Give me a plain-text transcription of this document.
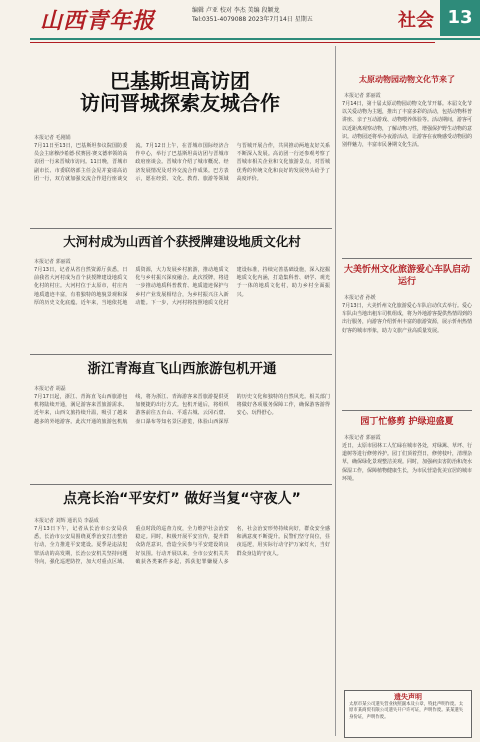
山西青年报	编辑 卢亚 校对 李杰 美编 段颖龙
Tel:0351-4079088 2023年7月14日 星期五	社会 13
巴基斯坦高访团
访问晋城探索友城合作
本报记者 毛刚娟
7月11日至13日，巴基斯坦参议院国防委员会主席穆沙希德·侯赛因·赛义德率领的高访团一行来晋城市访问。11日晚，晋城市副市长、市委联络部主任会见并宴请高访团一行，双方就加强交流合作进行座谈交流。7月12日上午，在晋城市国际经济合作中心，举行了巴基斯坦高访团与晋城市政府座谈会。晋城市介绍了城市概况、经济发展情况及对外交流合作成果。巴方表示，愿在经贸、文化、教育、旅游等领域与晋城开展合作，共同推动两地友好关系不断深入发展。高访团一行还参观考察了晋城市相关企业和文化旅游景点，对晋城优秀的传统文化和良好的发展势头给予了高度评价。
大河村成为山西首个获授牌建设地质文化村
本报记者 郭丽霞
7月13日，记者从省自然资源厅获悉，日前我省大河村成为首个获授牌建设地质文化村的村庄。大河村位于太原市，村庄内地质遗迹丰富，有着独特的地貌景观和深厚的历史文化底蕴。近年来，当地依托地质资源，大力发展乡村旅游，推动地质文化与乡村振兴深度融合。此次授牌，将进一步推动地质科普教育、地质遗迹保护与乡村产业发展相结合，为乡村振兴注入新动能。下一步，大河村将按照地质文化村建设标准，持续完善基础设施，深入挖掘地质文化内涵，打造集科普、研学、观光于一体的地质文化村，助力乡村全面振兴。
浙江青海直飞山西旅游包机开通
本报记者 胡磊
7月17日起，浙江、青海直飞山西旅游包机将陆续开通，满足游客来晋旅游需求。近年来，山西文旅持续升温，吸引了越来越多的外地游客。此次开通的旅游包机航线，将为浙江、青海游客来晋旅游提供更加便捷的出行方式。包机开通后，将组织游客前往五台山、平遥古城、云冈石窟、壶口瀑布等知名景区游览，体验山西深厚的历史文化和独特的自然风光。相关部门将做好各项服务保障工作，确保游客游得安心、玩得舒心。
点亮长治“平安灯” 做好当复“守夜人”
本报记者 刘辉 通讯员 李磊成
7月13日下午，记者从长治市公安局获悉，长治市公安局围绕夏季治安打击整治行动，全力推进平安建设。夏季是违法犯罪活动的高发期，长治公安机关坚持问题导向，强化巡逻防控，加大对重点区域、重点时段的巡查力度，全力维护社会治安稳定。同时，积极开展平安宣传，提升群众防范意识，营造全民参与平安建设的良好氛围。行动开展以来，全市公安机关共破获各类案件多起，抓获犯罪嫌疑人多名，社会治安形势持续向好，群众安全感和满意度不断提升。民警们坚守岗位，昼夜巡逻，用实际行动守护万家灯火，当好群众身边的守夜人。
太原动物园动物文化节来了
本报记者 郭丽霞
7月14日，第十届太原动物园动物文化节开幕。本届文化节以关爱动物为主题，推出了丰富多彩的活动，包括动物科普讲座、亲子互动游戏、动物喂养体验等。活动期间，游客可以近距离观察动物，了解动物习性，增强保护野生动物的意识。动物园还将举办夜游活动，让游客在夜晚感受动物园的别样魅力，丰富市民暑期文化生活。
大美忻州文化旅游爱心车队启动运行
本报记者 孙媛
7月13日，大美忻州文化旅游爱心车队启动仪式举行。爱心车队由当地出租车司机组成，将为外地游客提供热情周到的出行服务，向游客介绍忻州丰富的旅游资源，展示忻州热情好客的城市形象，助力文旅产业高质量发展。
园丁忙修剪 护绿迎盛夏
本报记者 郭丽霞
近日，太原市园林工人忙碌在城市各处，对绿篱、草坪、行道树等进行修剪养护。园丁们顶着烈日，修剪枝叶，清理杂草，确保绿化景观整洁美观。同时，加强病虫害防治和浇水保湿工作，保障植物健康生长，为市民营造优美宜居的城市环境。
遗失声明
太原市某公司遗失营业执照副本及公章，特此声明作废。太原市某商贸有限公司遗失开户许可证，声明作废。某某遗失身份证，声明作废。
